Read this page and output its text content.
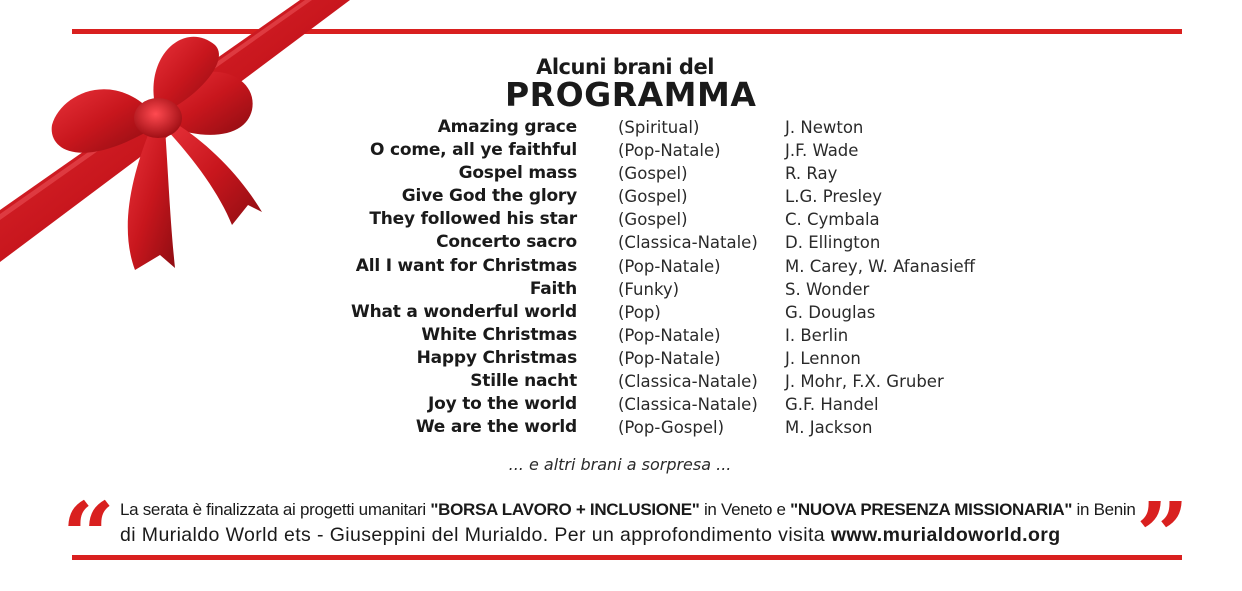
Alcuni brani del
PROGRAMMA
Amazing grace (Spiritual)	J. Newton
O come, all ye faithful (Pop-Natale)	J.F. Wade
Gospel mass (Gospel)	R. Ray
Give God the glory (Gospel)	L.G. Presley
They followed his star (Gospel)	C. Cymbala
Concerto sacro (Classica-Natale) D. Ellington
All I want for Christmas (Pop-Natale)	M. Carey, W. Afanasieff
Faith (Funky)	S. Wonder
What a wonderful world (Pop)	G. Douglas
White Christmas (Pop-Natale)	I. Berlin
Happy Christmas (Pop-Natale)	J. Lennon
Stille nacht (Classica-Natale) J. Mohr, F.X. Gruber
Joy to the world (Classica-Natale) G.F. Handel
We are the world (Pop-Gospel)	M. Jackson
... e altri brani a sorpresa ...
“	”
La serata è finalizzata ai progetti umanitari "BORSA LAVORO + INCLUSIONE" in Veneto e "NUOVA PRESENZA MISSIONARIA" in Benin
di Murialdo World ets - Giuseppini del Murialdo. Per un approfondimento visita www.murialdoworld.org
